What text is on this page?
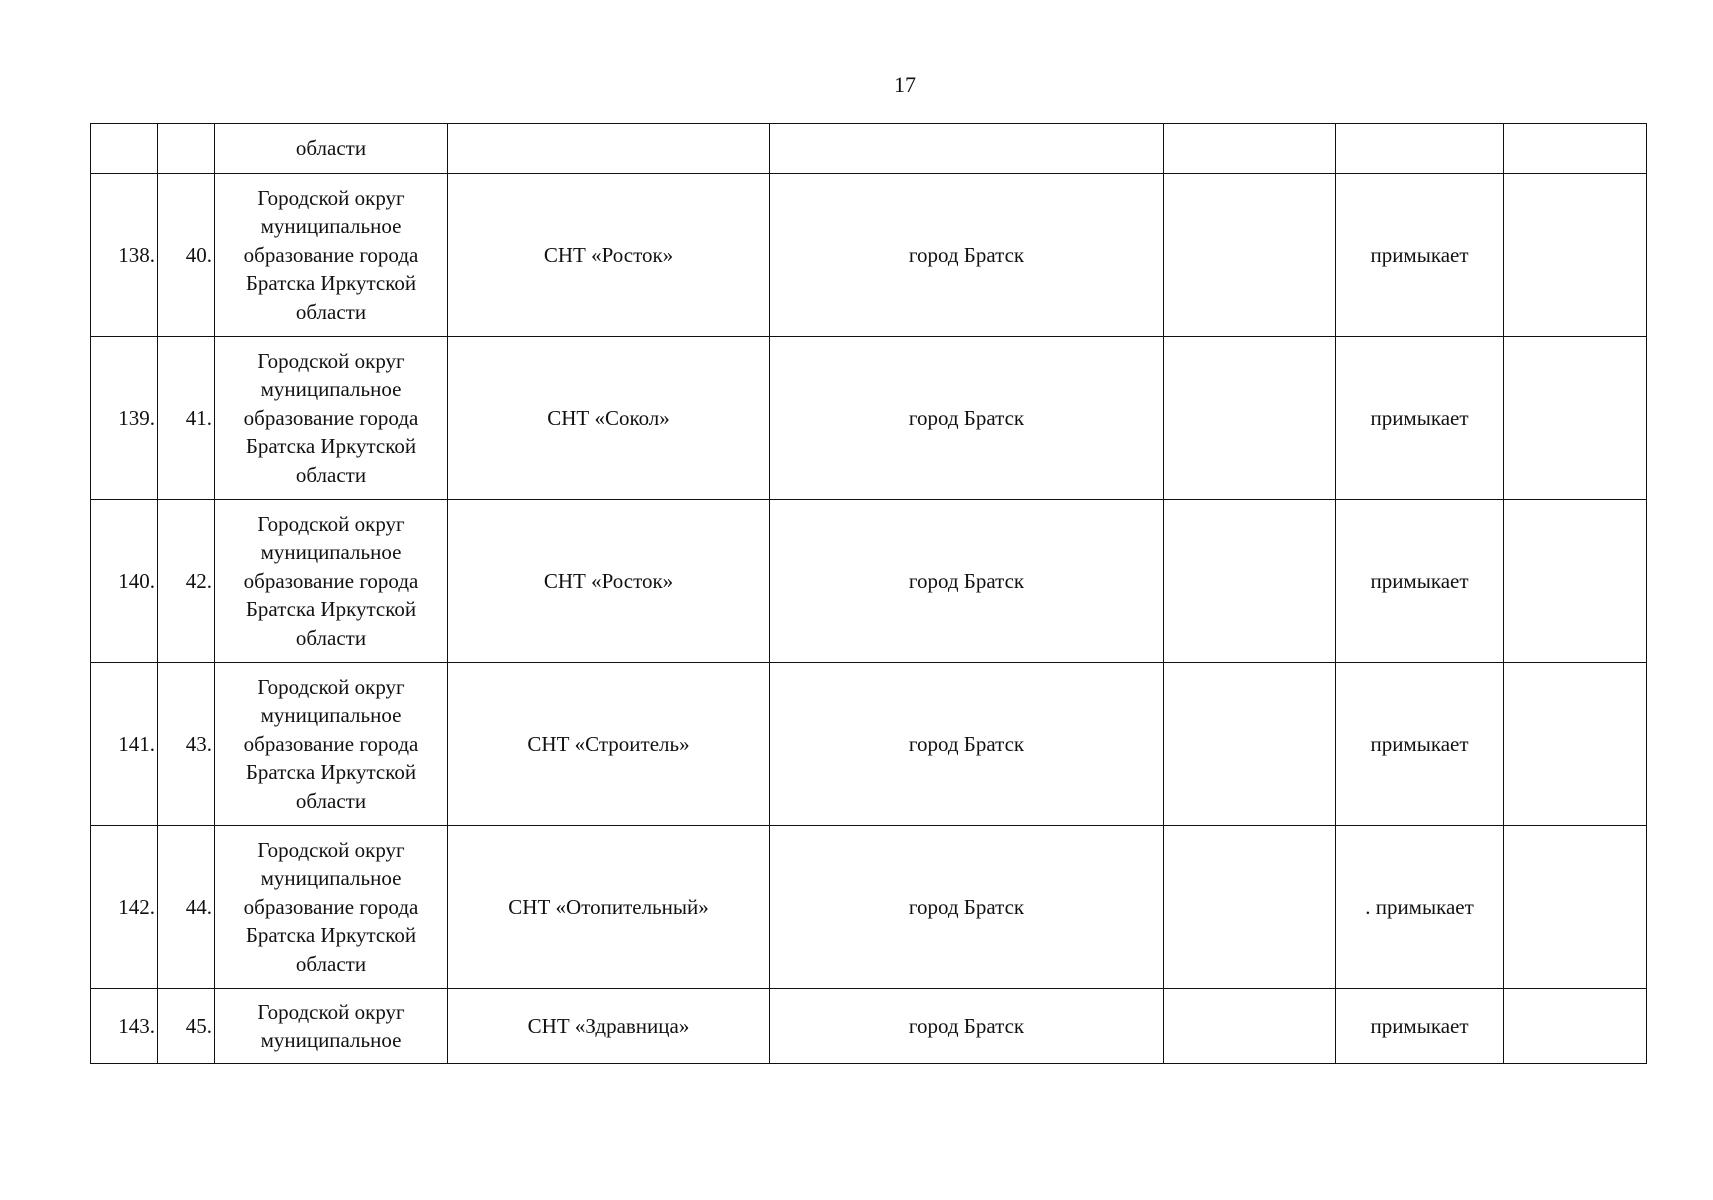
17

		области					

138.	40.	Городской округ муниципальное образование города Братска Иркутской области	СНТ «Росток»	город Братск		примыкает	
139.	41.	Городской округ муниципальное образование города Братска Иркутской области	СНТ «Сокол»	город Братск		примыкает	
140.	42.	Городской округ муниципальное образование города Братска Иркутской области	СНТ «Росток»	город Братск		примыкает	
141.	43.	Городской округ муниципальное образование города Братска Иркутской области	СНТ «Строитель»	город Братск		примыкает	
142.	44.	Городской округ муниципальное образование города Братска Иркутской области	СНТ «Отопительный»	город Братск		. примыкает	
143.	45.	Городской округ муниципальное	СНТ «Здравница»	город Братск		примыкает	
